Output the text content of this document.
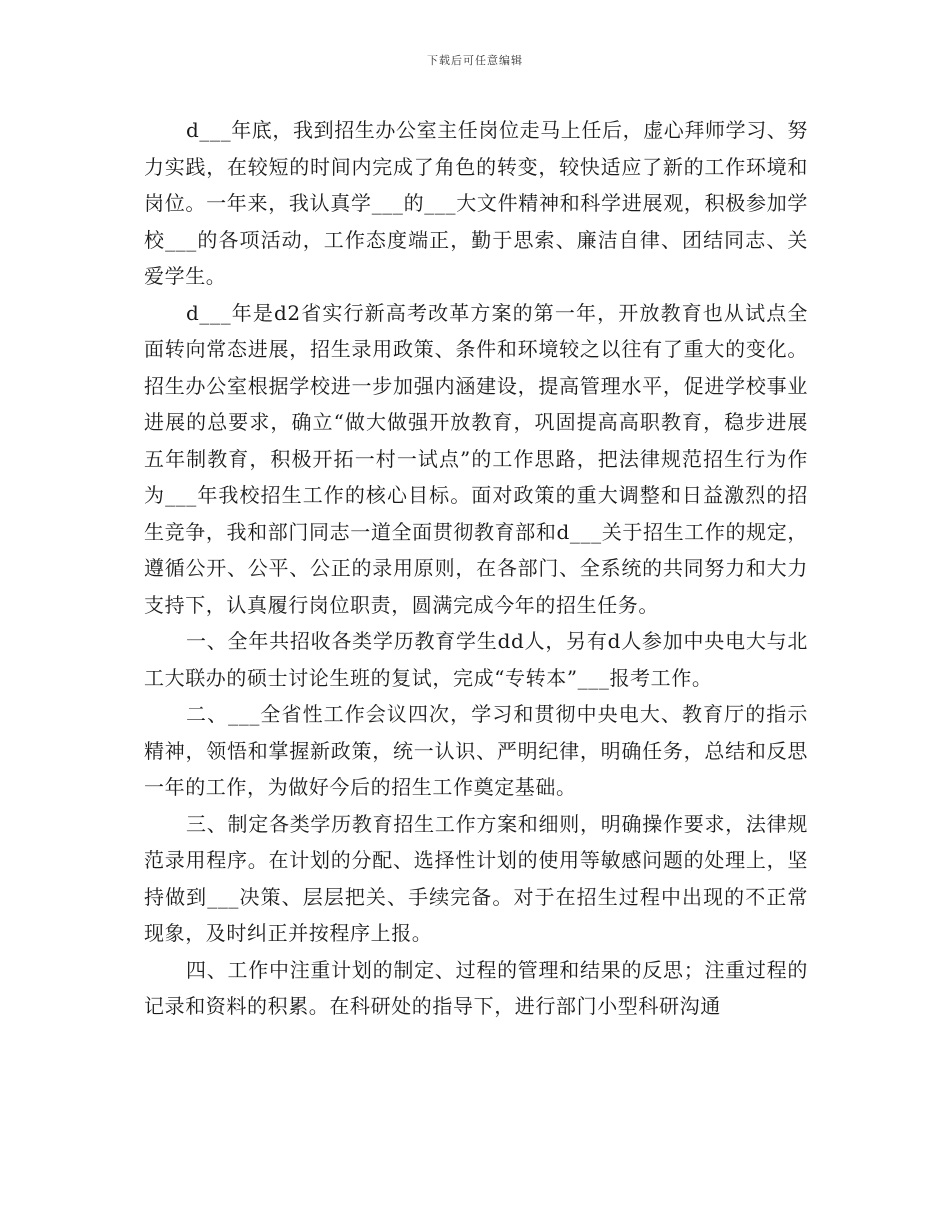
下载后可任意编辑

d___年底，我到招生办公室主任岗位走马上任后，虚心拜师学习、努力实践，在较短的时间内完成了角色的转变，较快适应了新的工作环境和岗位。一年来，我认真学___的___大文件精神和科学进展观，积极参加学校___的各项活动，工作态度端正，勤于思索、廉洁自律、团结同志、关爱学生。

d___年是d2省实行新高考改革方案的第一年，开放教育也从试点全面转向常态进展，招生录用政策、条件和环境较之以往有了重大的变化。招生办公室根据学校进一步加强内涵建设，提高管理水平，促进学校事业进展的总要求，确立“做大做强开放教育，巩固提高高职教育，稳步进展五年制教育，积极开拓一村一试点”的工作思路，把法律规范招生行为作为___年我校招生工作的核心目标。面对政策的重大调整和日益激烈的招生竞争，我和部门同志一道全面贯彻教育部和d___关于招生工作的规定，遵循公开、公平、公正的录用原则，在各部门、全系统的共同努力和大力支持下，认真履行岗位职责，圆满完成今年的招生任务。

一、全年共招收各类学历教育学生dd人，另有d人参加中央电大与北工大联办的硕士讨论生班的复试，完成“专转本”___报考工作。

二、___全省性工作会议四次，学习和贯彻中央电大、教育厅的指示精神，领悟和掌握新政策，统一认识、严明纪律，明确任务，总结和反思一年的工作，为做好今后的招生工作奠定基础。

三、制定各类学历教育招生工作方案和细则，明确操作要求，法律规范录用程序。在计划的分配、选择性计划的使用等敏感问题的处理上，坚持做到___决策、层层把关、手续完备。对于在招生过程中出现的不正常现象，及时纠正并按程序上报。

四、工作中注重计划的制定、过程的管理和结果的反思；注重过程的记录和资料的积累。在科研处的指导下，进行部门小型科研沟通
